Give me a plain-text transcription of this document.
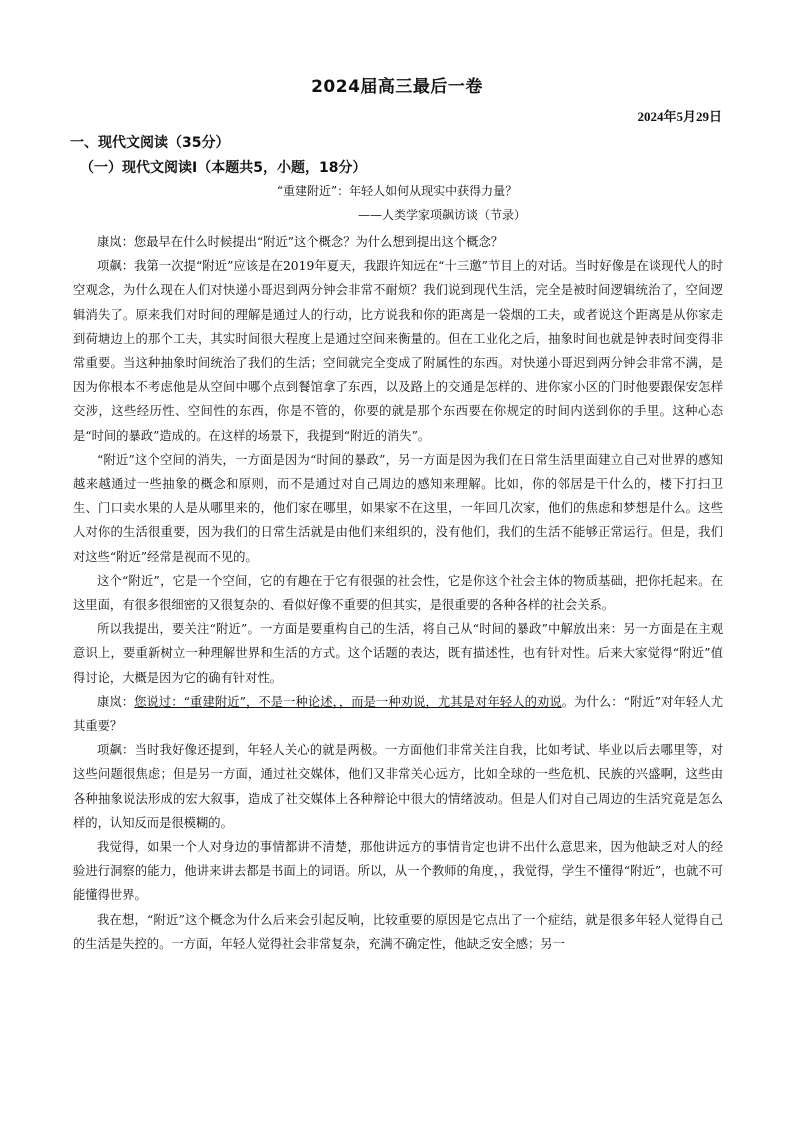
2024届高三最后一卷
2024年5月29日
一、现代文阅读（35分）
（一）现代文阅读Ⅰ（本题共5，小题，18分）
“重建附近”：年轻人如何从现实中获得力量？
——人类学家项飙访谈（节录）

康岚：您最早在什么时候提出“附近”这个概念？为什么想到提出这个概念？

项飙：我第一次提“附近”应该是在2019年夏天，我跟许知远在“十三邀”节目上的对话。当时好像是在谈现代人的时空观念，为什么现在人们对快递小哥迟到两分钟会非常不耐烦？我们说到现代生活，完全是被时间逻辑统治了，空间逻辑消失了。原来我们对时间的理解是通过人的行动，比方说我和你的距离是一袋烟的工夫，或者说这个距离是从你家走到荷塘边上的那个工夫，其实时间很大程度上是通过空间来衡量的。但在工业化之后，抽象时间也就是钟表时间变得非常重要。当这种抽象时间统治了我们的生活；空间就完全变成了附属性的东西。对快递小哥迟到两分钟会非常不满，是因为你根本不考虑他是从空间中哪个点到餐馆拿了东西，以及路上的交通是怎样的、进你家小区的门时他要跟保安怎样交涉，这些经历性、空间性的东西，你是不管的，你要的就是那个东西要在你规定的时间内送到你的手里。这种心态是“时间的暴政”造成的。在这样的场景下，我提到“附近的消失”。

“附近”这个空间的消失，一方面是因为“时间的暴政”，另一方面是因为我们在日常生活里面建立自己对世界的感知越来越通过一些抽象的概念和原则，而不是通过对自己周边的感知来理解。比如，你的邻居是干什么的，楼下打扫卫生、门口卖水果的人是从哪里来的，他们家在哪里，如果家不在这里，一年回几次家，他们的焦虑和梦想是什么。这些人对你的生活很重要，因为我们的日常生活就是由他们来组织的，没有他们，我们的生活不能够正常运行。但是，我们对这些“附近”经常是视而不见的。

这个“附近”，它是一个空间，它的有趣在于它有很强的社会性，它是你这个社会主体的物质基础，把你托起来。在这里面，有很多很细密的又很复杂的、看似好像不重要的但其实，是很重要的各种各样的社会关系。

所以我提出，要关注“附近”。一方面是要重构自己的生活，将自己从“时间的暴政”中解放出来：另一方面是在主观意识上，要重新树立一种理解世界和生活的方式。这个话题的表达，既有描述性，也有针对性。后来大家觉得“附近”值得讨论，大概是因为它的确有针对性。

康岚：您说过：“重建附近”，不是一种论述，，而是一种劝说，尤其是对年轻人的劝说。为什么：“附近”对年轻人尤其重要？

项飙：当时我好像还提到，年轻人关心的就是两极。一方面他们非常关注自我，比如考试、毕业以后去哪里等，对这些问题很焦虑；但是另一方面，通过社交媒体，他们又非常关心远方，比如全球的一些危机、民族的兴盛啊，这些由各种抽象说法形成的宏大叙事，造成了社交媒体上各种辩论中很大的情绪波动。但是人们对自己周边的生活究竟是怎么样的，认知反而是很模糊的。

我觉得，如果一个人对身边的事情都讲不清楚，那他讲远方的事情肯定也讲不出什么意思来，因为他缺乏对人的经验进行洞察的能力，他讲来讲去都是书面上的词语。所以，从一个教师的角度，，我觉得，学生不懂得“附近”，也就不可能懂得世界。

我在想，“附近”这个概念为什么后来会引起反响，比较重要的原因是它点出了一个症结，就是很多年轻人觉得自己的生活是失控的。一方面，年轻人觉得社会非常复杂，充满不确定性，他缺乏安全感；另一
